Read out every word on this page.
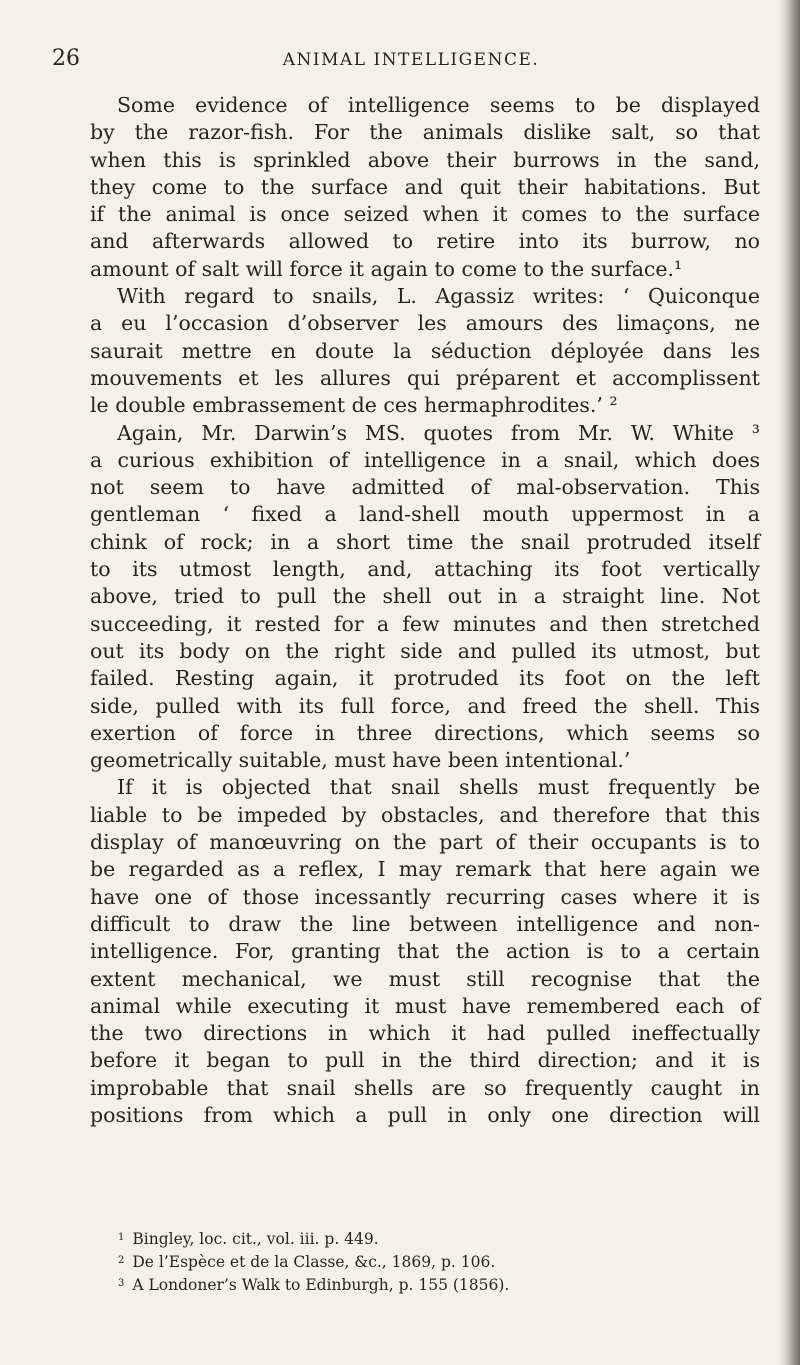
26	ANIMAL INTELLIGENCE.
Some evidence of intelligence seems to be displayed
by the razor-fish. For the animals dislike salt, so that
when this is sprinkled above their burrows in the sand,
they come to the surface and quit their habitations. But
if the animal is once seized when it comes to the surface
and afterwards allowed to retire into its burrow, no
amount of salt will force it again to come to the surface.¹
With regard to snails, L. Agassiz writes: ‘ Quiconque
a eu l’occasion d’observer les amours des limaçons, ne
saurait mettre en doute la séduction déployée dans les
mouvements et les allures qui préparent et accomplissent
le double embrassement de ces hermaphrodites.’ ²
Again, Mr. Darwin’s MS. quotes from Mr. W. White ³
a curious exhibition of intelligence in a snail, which does
not seem to have admitted of mal-observation. This
gentleman ‘ fixed a land-shell mouth uppermost in a
chink of rock; in a short time the snail protruded itself
to its utmost length, and, attaching its foot vertically
above, tried to pull the shell out in a straight line. Not
succeeding, it rested for a few minutes and then stretched
out its body on the right side and pulled its utmost, but
failed. Resting again, it protruded its foot on the left
side, pulled with its full force, and freed the shell. This
exertion of force in three directions, which seems so
geometrically suitable, must have been intentional.’
If it is objected that snail shells must frequently be
liable to be impeded by obstacles, and therefore that this
display of manœuvring on the part of their occupants is to
be regarded as a reflex, I may remark that here again we
have one of those incessantly recurring cases where it is
difficult to draw the line between intelligence and non-
intelligence. For, granting that the action is to a certain
extent mechanical, we must still recognise that the
animal while executing it must have remembered each of
the two directions in which it had pulled ineffectually
before it began to pull in the third direction; and it is
improbable that snail shells are so frequently caught in
positions from which a pull in only one direction will
$^1$ Bingley, loc. cit., vol. iii. p. 449.
$^2$ De l’Espèce et de la Classe, &c., 1869, p. 106.
$^3$ A Londoner’s Walk to Edinburgh, p. 155 (1856).
